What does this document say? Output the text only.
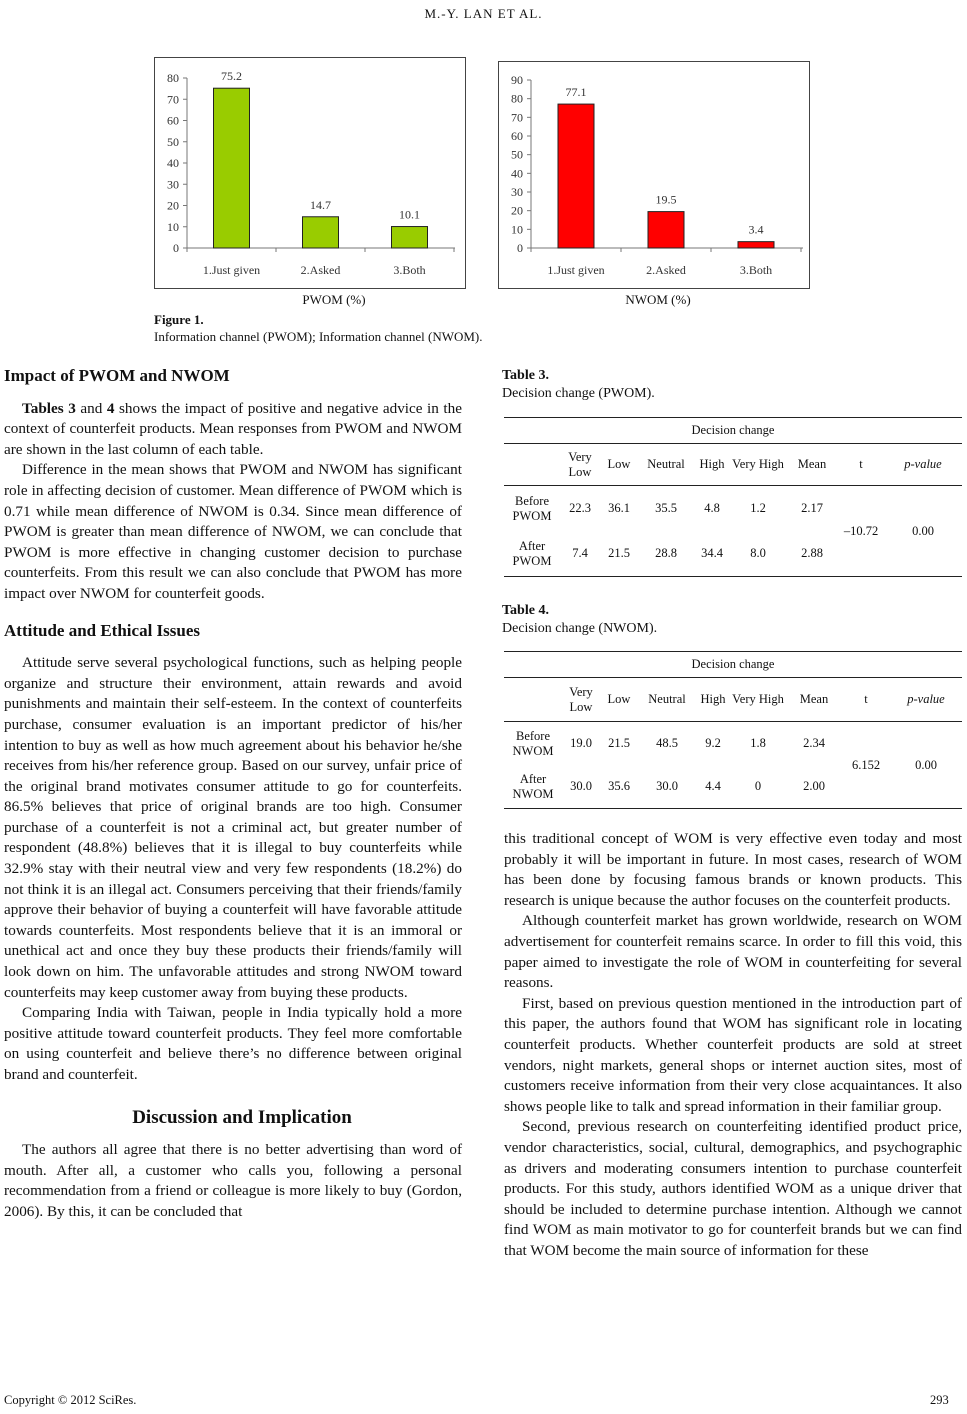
M.-Y. LAN ET AL.
0
10
20
30
40
50
60
70
80	75.2
1.Just given
14.7
2.Asked
10.1
3.Both
0
10
20
30
40
50
60
70
80
90
77.1
1.Just given
19.5
2.Asked
3.4
3.Both
PWOM (%)	NWOM (%)
Figure 1.
Information channel (PWOM); Information channel (NWOM).

Impact of PWOM and NWOM

Tables 3 and 4 shows the impact of positive and negative advice in the context of counterfeit products. Mean responses from PWOM and NWOM are shown in the last column of each table.

Difference in the mean shows that PWOM and NWOM has significant role in affecting decision of customer. Mean difference of PWOM which is 0.71 while mean difference of NWOM is 0.34. Since mean difference of PWOM is greater than mean difference of NWOM, we can conclude that PWOM is more effective in changing customer decision to purchase counterfeits. From this result we can also conclude that PWOM has more impact over NWOM for counterfeit goods.

Attitude and Ethical Issues

Attitude serve several psychological functions, such as helping people organize and structure their environment, attain rewards and avoid punishments and maintain their self-esteem. In the context of counterfeits purchase, consumer evaluation is an important predictor of his/her intention to buy as well as how much agreement about his behavior he/she receives from his/her reference group. Based on our survey, unfair price of the original brand motivates consumer attitude to go for counterfeits. 86.5% believes that price of original brands are too high. Consumer purchase of a counterfeit is not a criminal act, but greater number of respondent (48.8%) believes that it is illegal to buy counterfeits while 32.9% stay with their neutral view and very few respondents (18.2%) do not think it is an illegal act. Consumers perceiving that their friends/family approve their behavior of buying a counterfeit will have favorable attitude towards counterfeits. Most respondents believe that it is an immoral or unethical act and once they buy these products their friends/family will look down on him. The unfavorable attitudes and strong NWOM toward counterfeits may keep customer away from buying these products.

Comparing India with Taiwan, people in India typically hold a more positive attitude toward counterfeit products. They feel more comfortable on using counterfeit and believe there’s no difference between original brand and counterfeit.

Discussion and Implication

The authors all agree that there is no better advertising than word of mouth. After all, a customer who calls you, following a personal recommendation from a friend or colleague is more likely to buy (Gordon, 2006). By this, it can be concluded that

Table 3.
Decision change (PWOM).
Decision change								
	Very Low	Low	Neutral	High	Very High	Mean	t	p-value
Before PWOM	22.3	36.1	35.5	4.8	1.2	2.17	–10.72	0.00
After PWOM	7.4	21.5	28.8	34.4	8.0	2.88		
Table 4.
Decision change (NWOM).
Decision change								
	Very Low	Low	Neutral	High	Very High	Mean	t	p-value
Before NWOM	19.0	21.5	48.5	9.2	1.8	2.34	6.152	0.00
After NWOM	30.0	35.6	30.0	4.4	0	2.00		

this traditional concept of WOM is very effective even today and most probably it will be important in future. In most cases, research of WOM has been done by focusing famous brands or known products. This research is unique because the author focuses on the counterfeit products.

Although counterfeit market has grown worldwide, research on WOM advertisement for counterfeit remains scarce. In order to fill this void, this paper aimed to investigate the role of WOM in counterfeiting for several reasons.

First, based on previous question mentioned in the introduction part of this paper, the authors found that WOM has significant role in locating counterfeit products. Whether counterfeit products are sold at street vendors, night markets, general shops or internet auction sites, most of customers receive information from their very close acquaintances. It also shows people like to talk and spread information in their familiar group.

Second, previous research on counterfeiting identified product price, vendor characteristics, social, cultural, demographics, and psychographic as drivers and moderating consumers intention to purchase counterfeit products. For this study, authors identified WOM as a unique driver that should be included to determine purchase intention. Although we cannot find WOM as main motivator to go for counterfeit brands but we can find that WOM become the main source of information for these

Copyright © 2012 SciRes.	293
